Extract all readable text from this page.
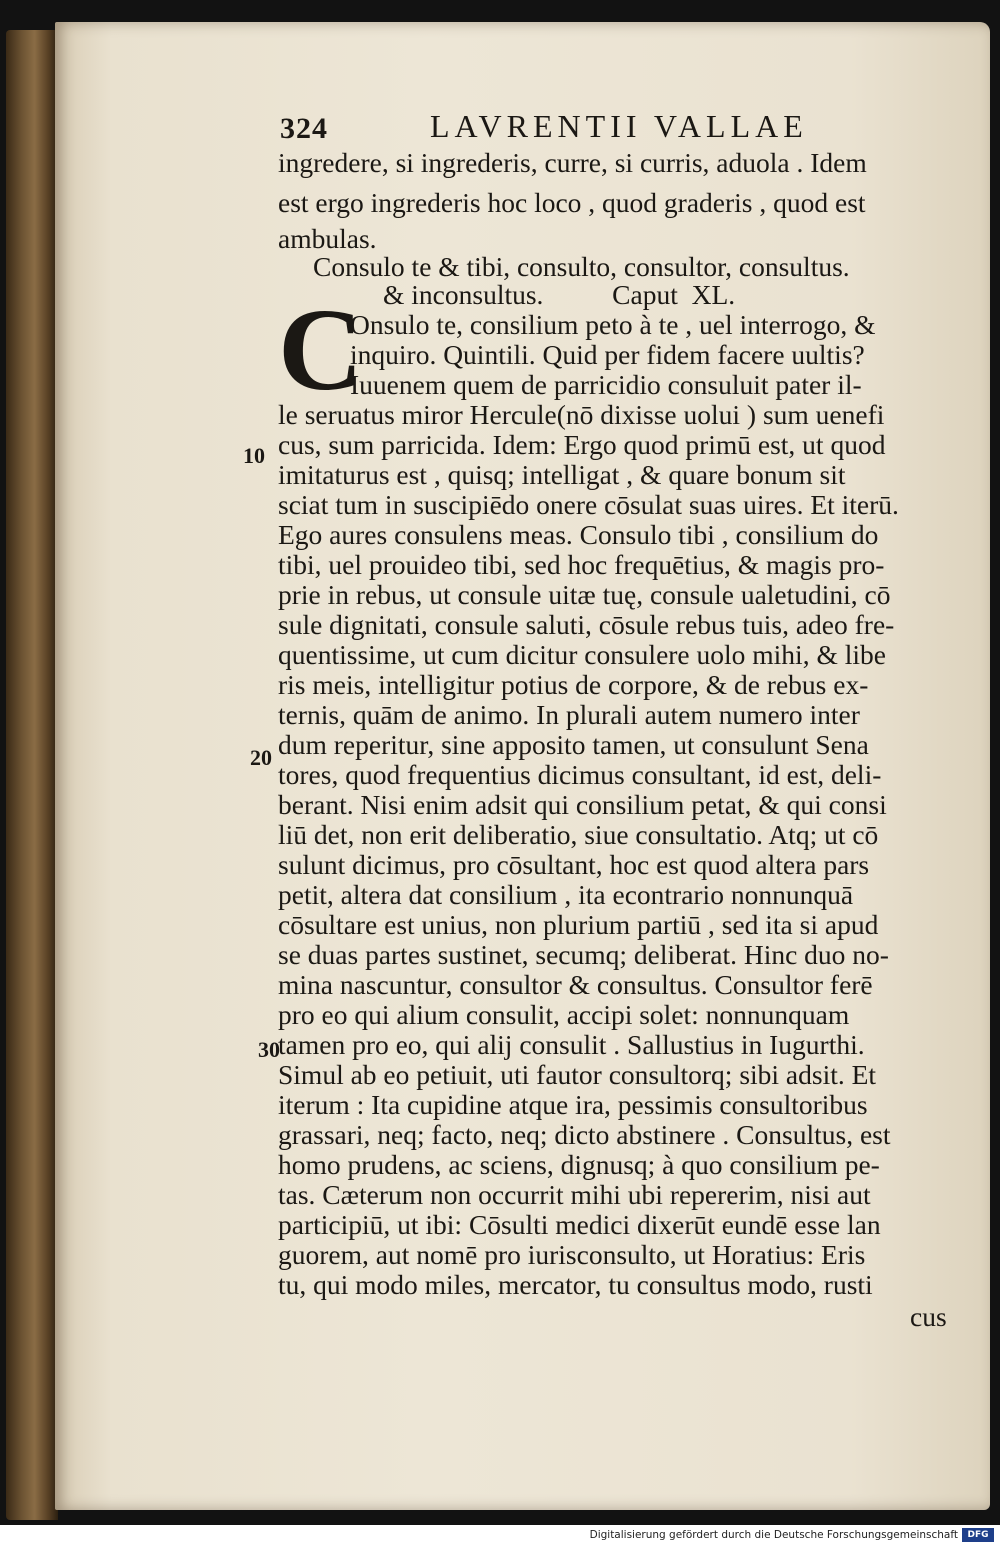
324	LAVRENTII VALLAE
C
ingredere, si ingrederis, curre, si curris, aduola . Idem
est ergo ingrederis hoc loco , quod graderis , quod est
ambulas.
Consulo te & tibi, consulto, consultor, consultus.
& inconsultus.          Caput  XL.
Onsulo te, consilium peto à te , uel interrogo, &
inquiro. Quintili. Quid per fidem facere uultis?
Iuuenem quem de parricidio consuluit pater il-
le seruatus miror Hercule(nō dixisse uolui ) sum uenefi
cus, sum parricida. Idem: Ergo quod primū est, ut quod
imitaturus est , quisq; intelligat , & quare bonum sit
sciat tum in suscipiēdo onere cōsulat suas uires. Et iterū.
Ego aures consulens meas. Consulo tibi , consilium do
tibi, uel prouideo tibi, sed hoc frequētius, & magis pro-
prie in rebus, ut consule uitæ tuę, consule ualetudini, cō
sule dignitati, consule saluti, cōsule rebus tuis, adeo fre-
quentissime, ut cum dicitur consulere uolo mihi, & libe
ris meis, intelligitur potius de corpore, & de rebus ex-
ternis, quām de animo. In plurali autem numero inter
dum reperitur, sine apposito tamen, ut consulunt Sena
tores, quod frequentius dicimus consultant, id est, deli-
berant. Nisi enim adsit qui consilium petat, & qui consi
liū det, non erit deliberatio, siue consultatio. Atq; ut cō
sulunt dicimus, pro cōsultant, hoc est quod altera pars
petit, altera dat consilium , ita econtrario nonnunquā
cōsultare est unius, non plurium partiū , sed ita si apud
se duas partes sustinet, secumq; deliberat. Hinc duo no-
mina nascuntur, consultor & consultus. Consultor ferē
pro eo qui alium consulit, accipi solet: nonnunquam
tamen pro eo, qui alij consulit . Sallustius in Iugurthi.
Simul ab eo petiuit, uti fautor consultorq; sibi adsit. Et
iterum : Ita cupidine atque ira, pessimis consultoribus
grassari, neq; facto, neq; dicto abstinere . Consultus, est
homo prudens, ac sciens, dignusq; à quo consilium pe-
tas. Cæterum non occurrit mihi ubi repererim, nisi aut
participiū, ut ibi: Cōsulti medici dixerūt eundē esse lan
guorem, aut nomē pro iurisconsulto, ut Horatius: Eris
tu, qui modo miles, mercator, tu consultus modo, rusti
cus
10
20
30
Digitalisierung gefördert durch die Deutsche Forschungsgemeinschaft	DFG
